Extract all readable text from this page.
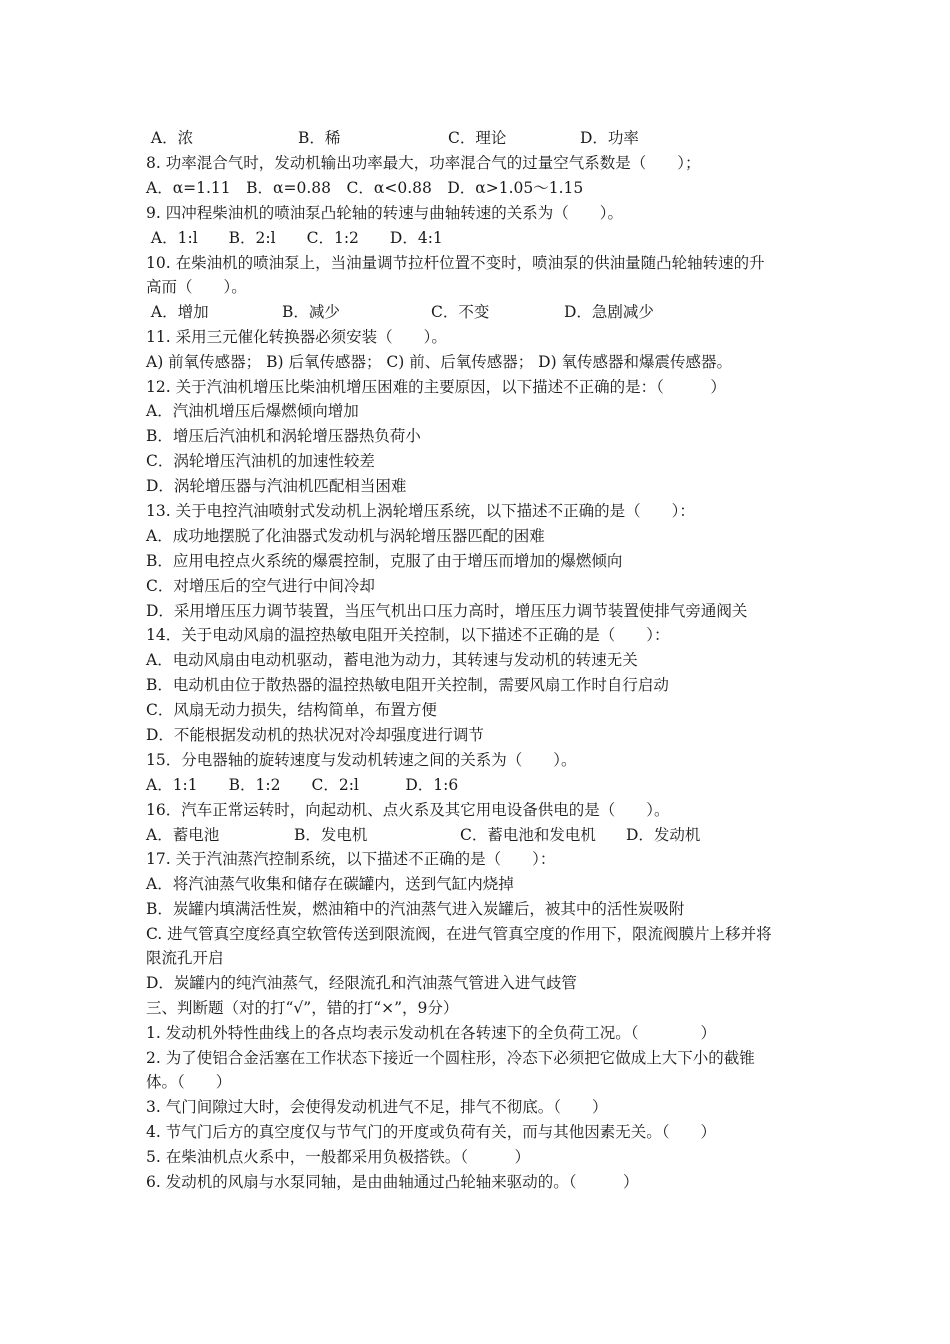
A．浓	B．稀	C．理论	D．功率
8. 功率混合气时，发动机输出功率最大，功率混合气的过量空气系数是（　　）；
A．α=1.11　B．α=0.88　C．α<0.88　D．α>1.05～1.15
9. 四冲程柴油机的喷油泵凸轮轴的转速与曲轴转速的关系为（　　）。
A．1:l　　B．2:l　　C．1:2　　D．4:1
10. 在柴油机的喷油泵上，当油量调节拉杆位置不变时，喷油泵的供油量随凸轮轴转速的升
高而（　　）。
A．增加	B．减少	C．不变	D．急剧减少
11. 采用三元催化转换器必须安装（　　）。
A) 前氧传感器； B) 后氧传感器； C) 前、后氧传感器； D) 氧传感器和爆震传感器。
12. 关于汽油机增压比柴油机增压困难的主要原因，以下描述不正确的是：（　　　）
A．汽油机增压后爆燃倾向增加
B．增压后汽油机和涡轮增压器热负荷小
C．涡轮增压汽油机的加速性较差
D．涡轮增压器与汽油机匹配相当困难
13. 关于电控汽油喷射式发动机上涡轮增压系统，以下描述不正确的是（　　）：
A．成功地摆脱了化油器式发动机与涡轮增压器匹配的困难
B．应用电控点火系统的爆震控制，克服了由于增压而增加的爆燃倾向
C．对增压后的空气进行中间冷却
D．采用增压压力调节装置，当压气机出口压力高时，增压压力调节装置使排气旁通阀关
14．关于电动风扇的温控热敏电阻开关控制，以下描述不正确的是（　　）：
A．电动风扇由电动机驱动，蓄电池为动力，其转速与发动机的转速无关
B．电动机由位于散热器的温控热敏电阻开关控制，需要风扇工作时自行启动
C．风扇无动力损失，结构简单，布置方便
D．不能根据发动机的热状况对冷却强度进行调节
15．分电器轴的旋转速度与发动机转速之间的关系为（　　）。
A．1:1　　B．1:2　　C．2:l　　　D．1:6
16．汽车正常运转时，向起动机、点火系及其它用电设备供电的是（　　）。
A．蓄电池	B．发电机	C．蓄电池和发电机 D．发动机
17. 关于汽油蒸汽控制系统，以下描述不正确的是（　　）：
A．将汽油蒸气收集和储存在碳罐内，送到气缸内烧掉
B．炭罐内填满活性炭，燃油箱中的汽油蒸气进入炭罐后，被其中的活性炭吸附
C. 进气管真空度经真空软管传送到限流阀，在进气管真空度的作用下，限流阀膜片上移并将
限流孔开启
D．炭罐内的纯汽油蒸气，经限流孔和汽油蒸气管进入进气歧管
三、判断题（对的打“√”，错的打“×”，9分）
1. 发动机外特性曲线上的各点均表示发动机在各转速下的全负荷工况。（　　　　）
2. 为了使铝合金活塞在工作状态下接近一个圆柱形，冷态下必须把它做成上大下小的截锥
体。（　　）
3. 气门间隙过大时，会使得发动机进气不足，排气不彻底。（　　）
4. 节气门后方的真空度仅与节气门的开度或负荷有关，而与其他因素无关。（　　）
5. 在柴油机点火系中，一般都采用负极搭铁。（　　　）
6. 发动机的风扇与水泵同轴，是由曲轴通过凸轮轴来驱动的。（　　　）
